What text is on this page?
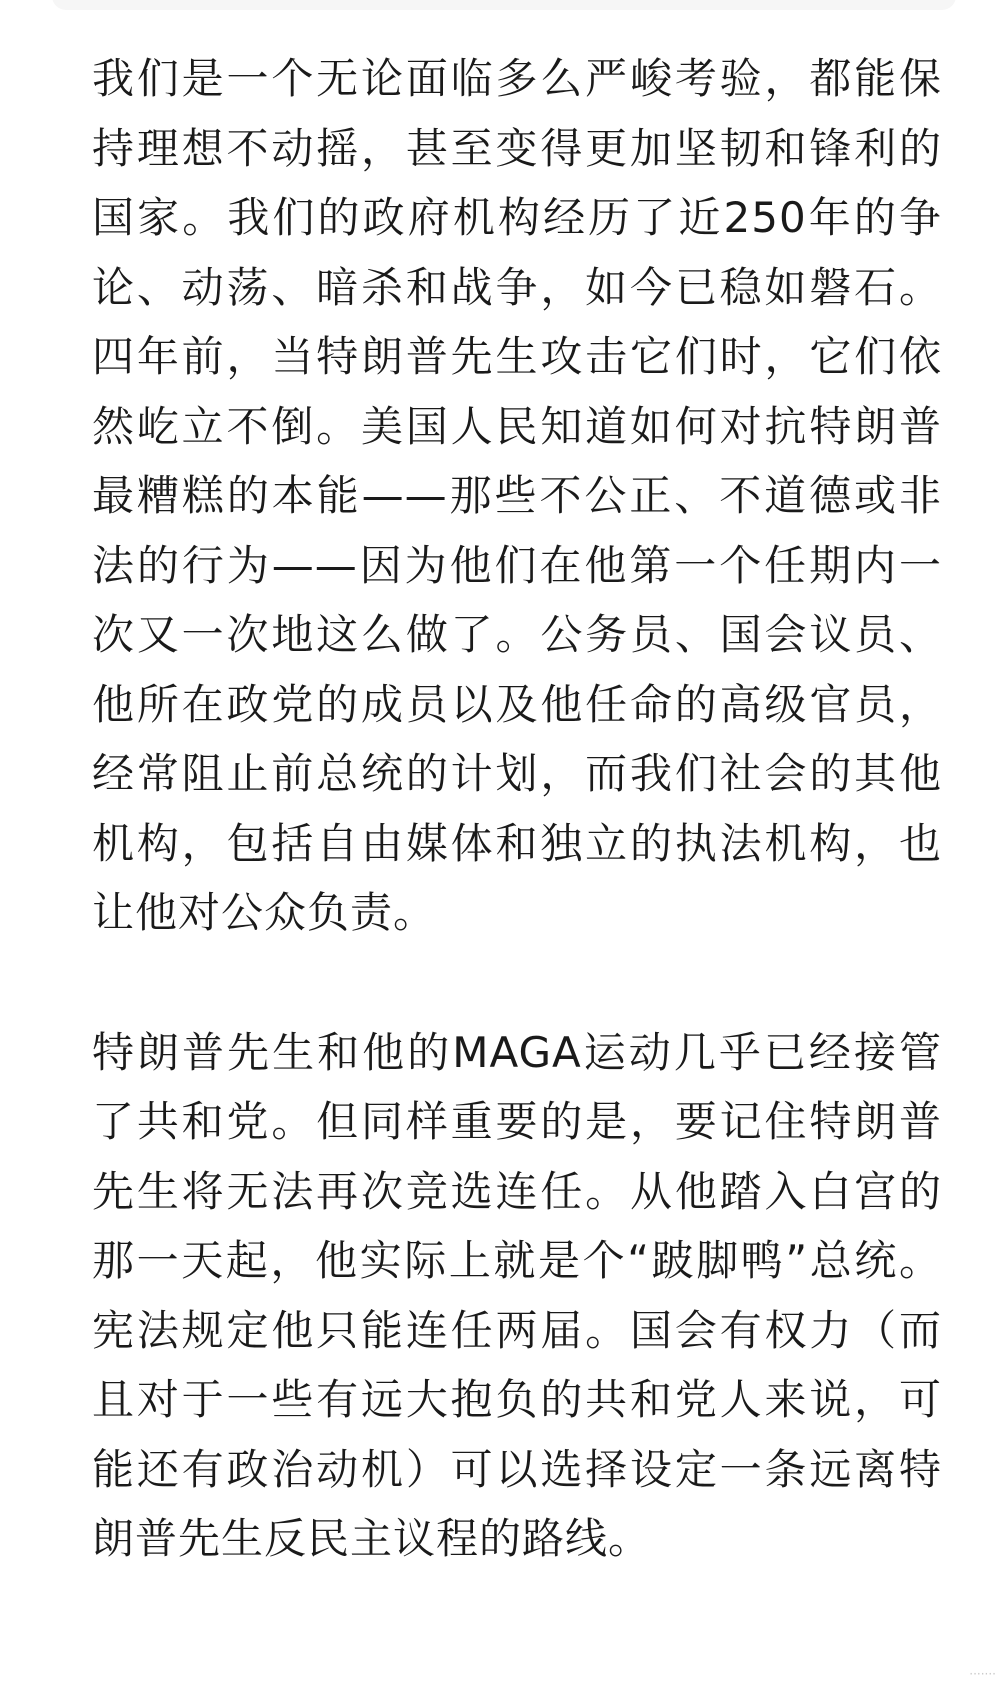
我们是一个无论面临多么严峻考验，都能保持理想不动摇，甚至变得更加坚韧和锋利的国家。我们的政府机构经历了近250年的争论、动荡、暗杀和战争，如今已稳如磐石。四年前，当特朗普先生攻击它们时，它们依然屹立不倒。美国人民知道如何对抗特朗普最糟糕的本能——那些不公正、不道德或非法的行为——因为他们在他第一个任期内一次又一次地这么做了。公务员、国会议员、他所在政党的成员以及他任命的高级官员，经常阻止前总统的计划，而我们社会的其他机构，包括自由媒体和独立的执法机构，也让他对公众负责。

特朗普先生和他的MAGA运动几乎已经接管了共和党。但同样重要的是，要记住特朗普先生将无法再次竞选连任。从他踏入白宫的那一天起，他实际上就是个“跛脚鸭”总统。宪法规定他只能连任两届。国会有权力（而且对于一些有远大抱负的共和党人来说，可能还有政治动机）可以选择设定一条远离特朗普先生反民主议程的路线。

·······
